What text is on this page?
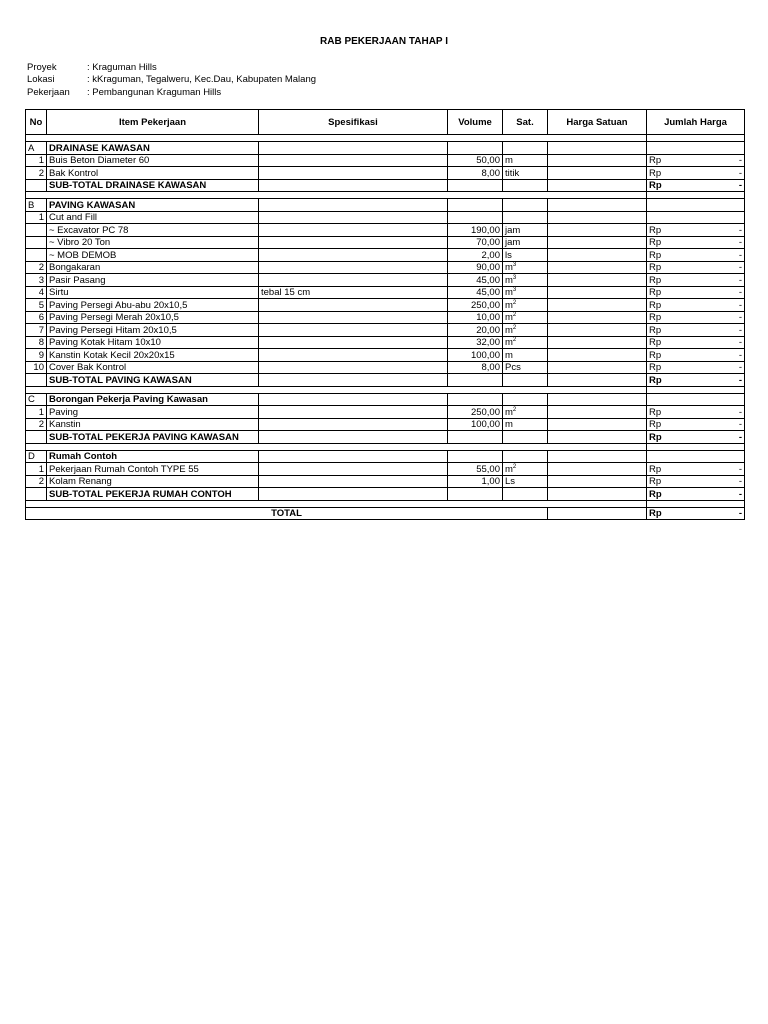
RAB PEKERJAAN TAHAP I
Proyek	: Kraguman Hills
Lokasi	: kKraguman, Tegalweru, Kec.Dau, Kabupaten Malang
Pekerjaan	: Pembangunan Kraguman Hills
No	Item Pekerjaan	Spesifikasi	Volume	Sat.	Harga Satuan	Jumlah Harga

A	DRAINASE KAWASAN					
1	Buis Beton Diameter 60		50,00	m		Rp -

2	Bak Kontrol		8,00	titik		Rp -

	SUB-TOTAL DRAINASE KAWASAN					Rp -

B	PAVING KAWASAN					
1	Cut and Fill					
	~ Excavator PC 78		190,00	jam		Rp -

	~ Vibro 20 Ton		70,00	jam		Rp -

	~ MOB DEMOB		2,00	ls		Rp -

2	Bongakaran		90,00	$m^3$		Rp -

3	Pasir Pasang		45,00	$m^3$		Rp -

4	Sirtu	tebal 15 cm	45,00	$m^3$		Rp -

5	Paving Persegi Abu-abu 20x10,5		250,00	$m^2$		Rp -

6	Paving Persegi Merah 20x10,5		10,00	$m^2$		Rp -

7	Paving Persegi Hitam 20x10,5		20,00	$m^2$		Rp -

8	Paving Kotak Hitam 10x10		32,00	$m^2$		Rp -

9	Kanstin Kotak Kecil 20x20x15		100,00	m		Rp -

10	Cover Bak Kontrol		8,00	Pcs		Rp -

	SUB-TOTAL PAVING KAWASAN					Rp -

C	Borongan Pekerja Paving Kawasan					
1	Paving		250,00	$m^2$		Rp -

2	Kanstin		100,00	m		Rp -

	SUB-TOTAL PEKERJA PAVING KAWASAN					Rp -

D	Rumah Contoh					
1	Pekerjaan Rumah Contoh TYPE 55		55,00	$m^2$		Rp -

2	Kolam Renang		1,00	Ls		Rp -

	SUB-TOTAL PEKERJA RUMAH CONTOH					Rp -

TOTAL						Rp -
